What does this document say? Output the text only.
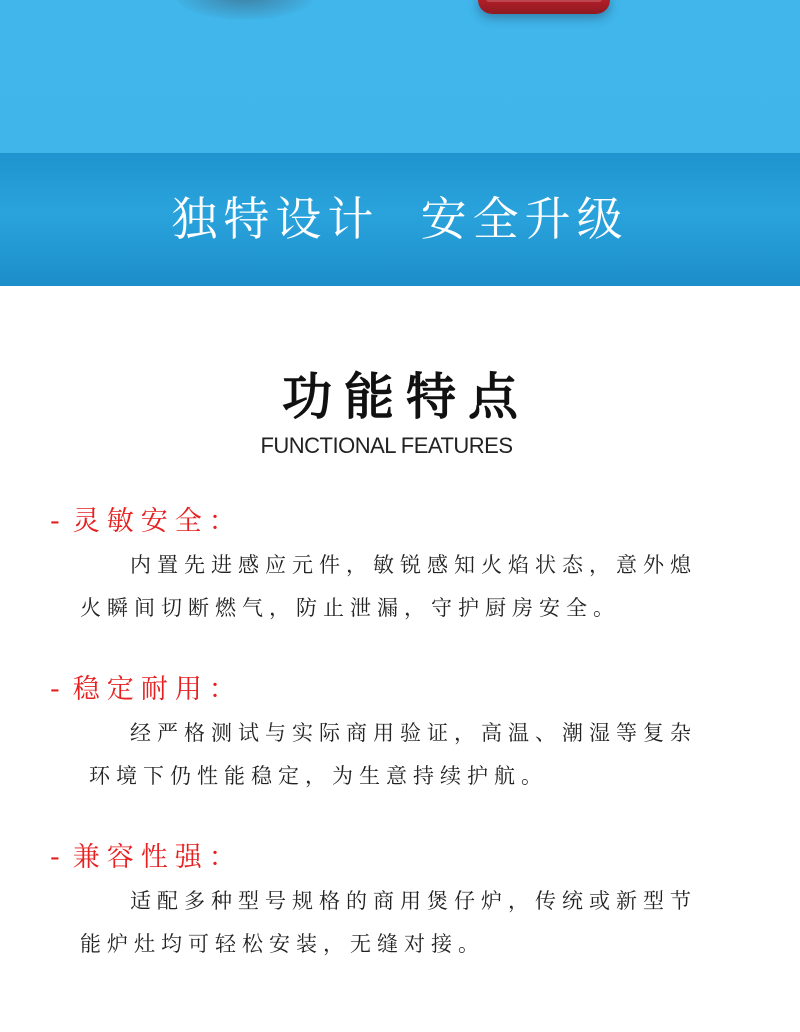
独特设计  安全升级
功能特点
FUNCTIONAL FEATURES
- 灵敏安全：
内置先进感应元件，敏锐感知火焰状态，意外熄
火瞬间切断燃气，防止泄漏，守护厨房安全。
- 稳定耐用：
经严格测试与实际商用验证，高温、潮湿等复杂
环境下仍性能稳定，为生意持续护航。
- 兼容性强：
适配多种型号规格的商用煲仔炉，传统或新型节
能炉灶均可轻松安装，无缝对接。
